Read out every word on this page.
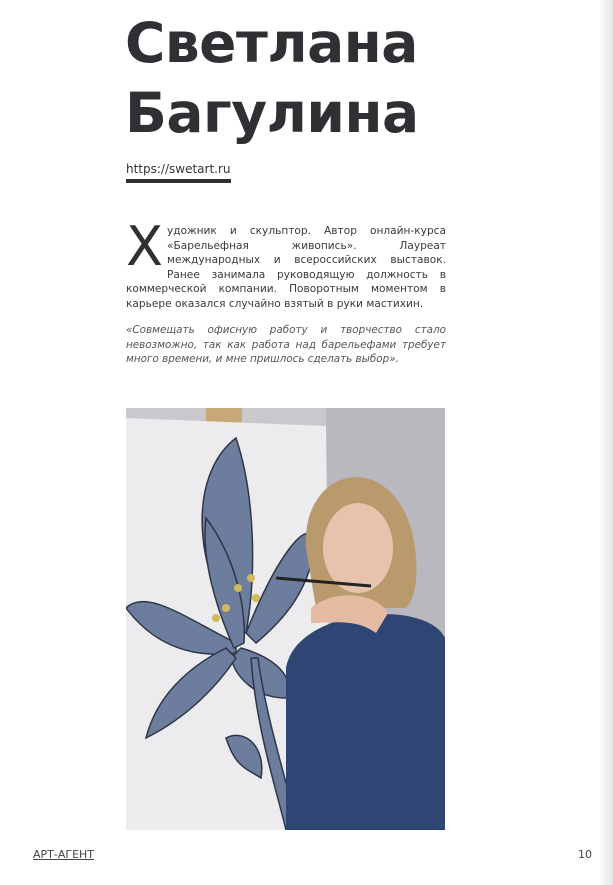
Светлана
Багулина
https://swetart.ru
Художник и скульптор. Автор онлайн-курса «Барельефная живопись». Лауреат международных и всероссийских выставок. Ранее занимала руководящую должность в коммерческой компании. Поворотным моментом в карьере оказался случайно взятый в руки мастихин.
«Совмещать офисную работу и творчество стало невозможно, так как работа над барельефами требует много времени, и мне пришлось сделать выбор».
АРТ-АГЕНТ	10
